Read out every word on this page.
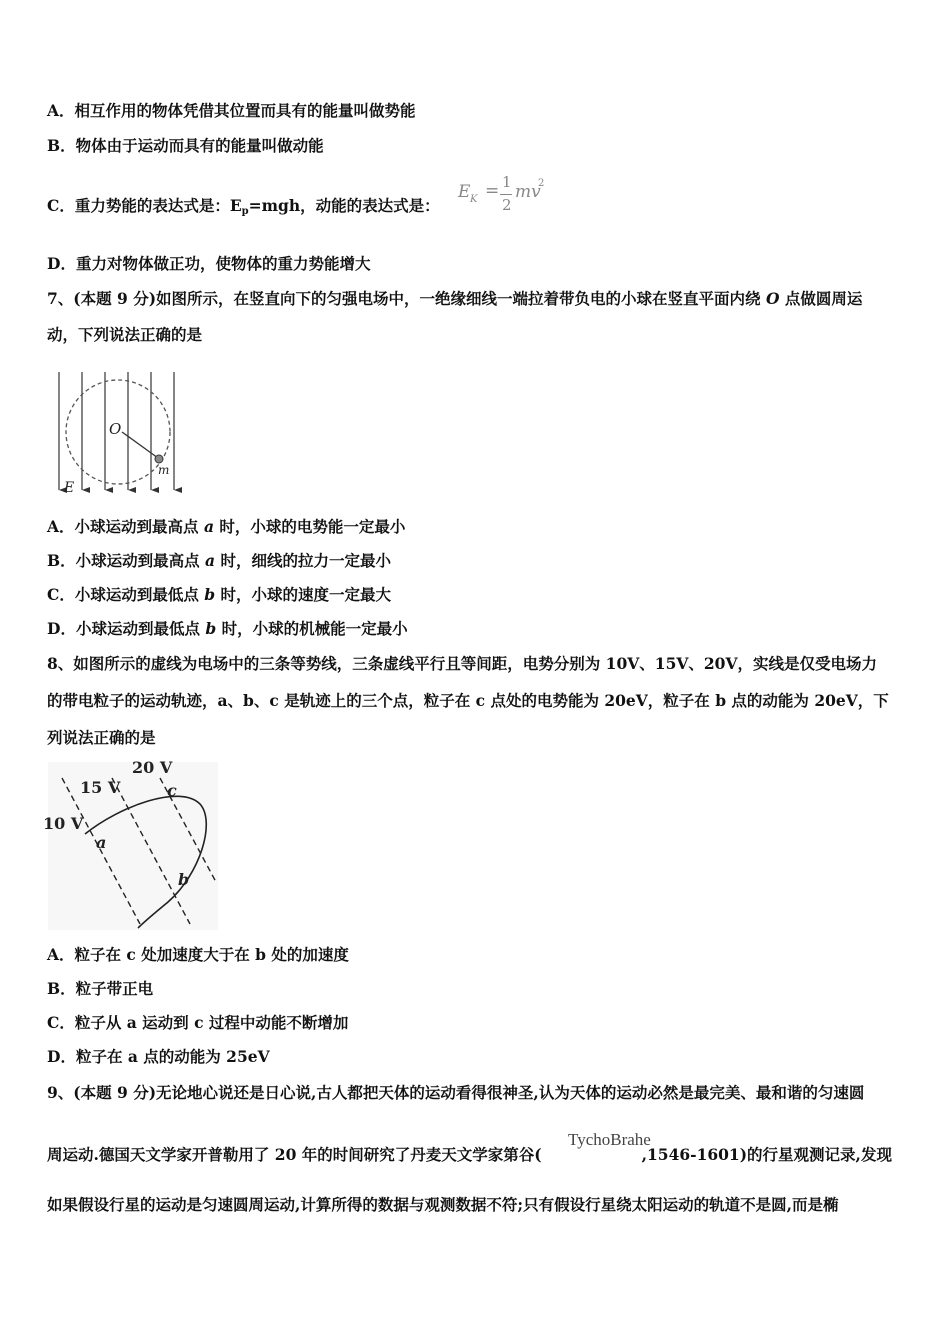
A．相互作用的物体凭借其位置而具有的能量叫做势能
B．物体由于运动而具有的能量叫做动能
C．重力势能的表达式是：$E_p=mgh$，动能的表达式是：
E K = 1
2
mv
2
D．重力对物体做正功，使物体的重力势能增大
7、(本题 9 分)如图所示，在竖直向下的匀强电场中，一绝缘细线一端拉着带负电的小球在竖直平面内绕 O 点做圆周运
动，下列说法正确的是
O
m
E
A．小球运动到最高点 a 时，小球的电势能一定最小
B．小球运动到最高点 a 时，细线的拉力一定最小
C．小球运动到最低点 b 时，小球的速度一定最大
D．小球运动到最低点 b 时，小球的机械能一定最小
8、如图所示的虚线为电场中的三条等势线，三条虚线平行且等间距，电势分别为 10V、15V、20V，实线是仅受电场力
的带电粒子的运动轨迹，a、b、c 是轨迹上的三个点，粒子在 c 点处的电势能为 20eV，粒子在 b 点的动能为 20eV，下
列说法正确的是
20 V
15 V
10 V
c
a
b
A．粒子在 c 处加速度大于在 b 处的加速度
B．粒子带正电
C．粒子从 a 运动到 c 过程中动能不断增加
D．粒子在 a 点的动能为 25eV
9、(本题 9 分)无论地心说还是日心说,古人都把天体的运动看得很神圣,认为天体的运动必然是最完美、最和谐的匀速圆
周运动.德国天文学家开普勒用了 20 年的时间研究了丹麦天文学家第谷(	,1546-1601)的行星观测记录,发现
TychoBrahe
如果假设行星的运动是匀速圆周运动,计算所得的数据与观测数据不符;只有假设行星绕太阳运动的轨道不是圆,而是椭
